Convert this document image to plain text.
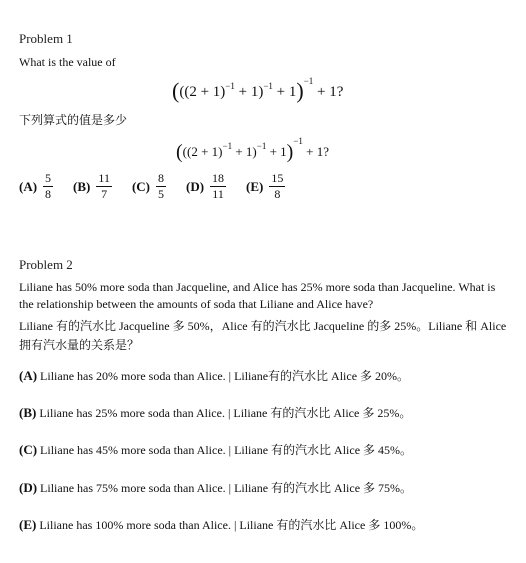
Problem 1
What is the value of
$(((2 + 1)^{-1} + 1)^{-1} + 1)^{-1} + 1$?
下列算式的值是多少
$(((2 + 1)^{-1} + 1)^{-1} + 1)^{-1} + 1$?
$(A) \frac{5}{8} (B) \frac{11}{7} (C) \frac{8}{5} (D) \frac{18}{11} (E) \frac{15}{8}$
Problem 2
Liliane has 50% more soda than Jacqueline, and Alice has 25% more soda than Jacqueline. What is the relationship between the amounts of soda that Liliane and Alice have?
Liliane 有的汽水比 Jacqueline 多 50%，Alice 有的汽水比 Jacqueline 的多 25%。Liliane 和 Alice 拥有汽水量的关系是？
(A) Liliane has 20% more soda than Alice. | Liliane有的汽水比 Alice 多 20%。
(B) Liliane has 25% more soda than Alice. | Liliane 有的汽水比 Alice 多 25%。
(C) Liliane has 45% more soda than Alice. | Liliane 有的汽水比 Alice 多 45%。
(D) Liliane has 75% more soda than Alice. | Liliane 有的汽水比 Alice 多 75%。
(E) Liliane has 100% more soda than Alice. | Liliane 有的汽水比 Alice 多 100%。
